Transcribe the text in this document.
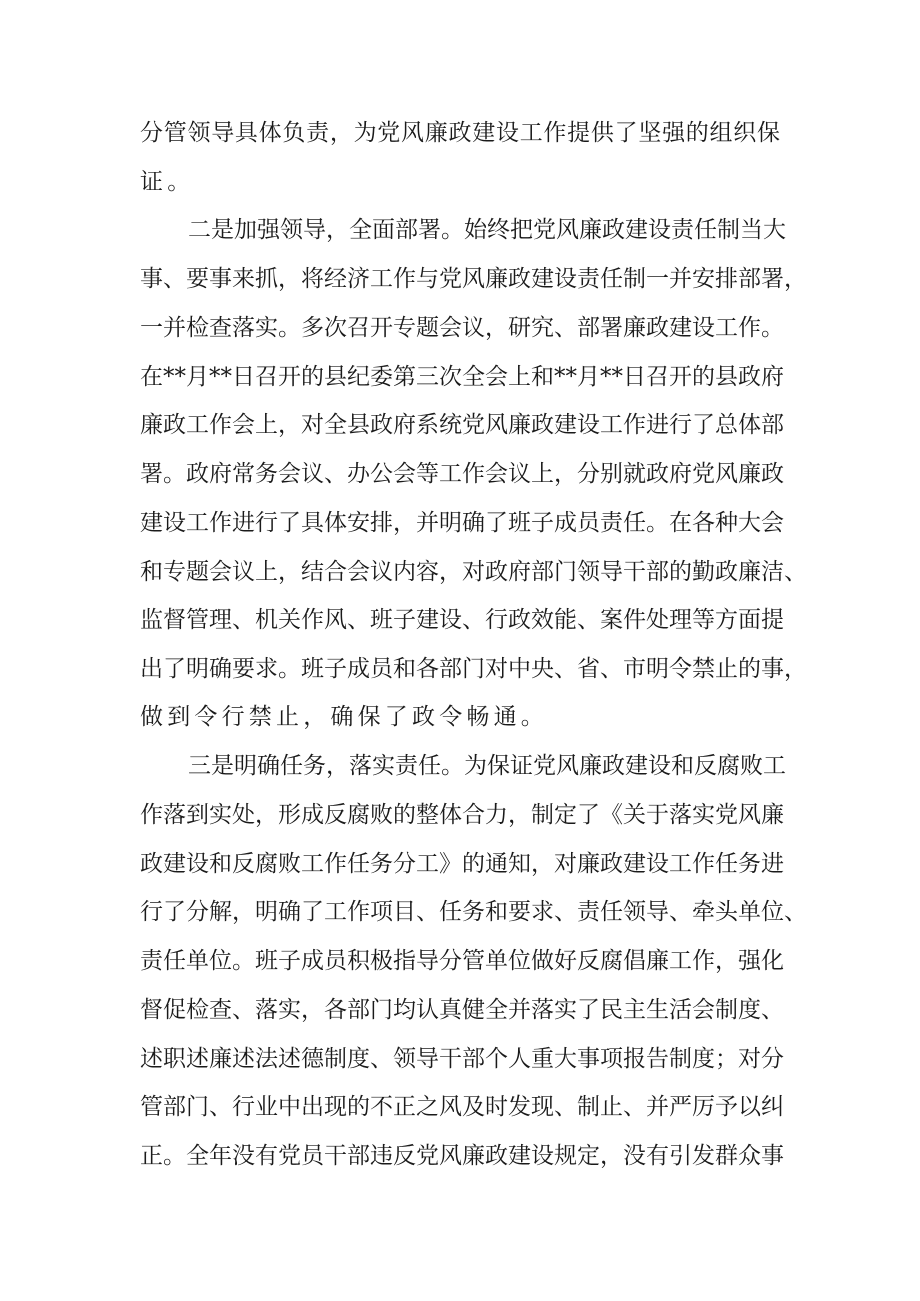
分管领导具体负责，为党风廉政建设工作提供了坚强的组织保
证。
二是加强领导，全面部署。始终把党风廉政建设责任制当大
事、要事来抓，将经济工作与党风廉政建设责任制一并安排部署，
一并检查落实。多次召开专题会议，研究、部署廉政建设工作。
在**月**日召开的县纪委第三次全会上和**月**日召开的县政府
廉政工作会上，对全县政府系统党风廉政建设工作进行了总体部
署。政府常务会议、办公会等工作会议上，分别就政府党风廉政
建设工作进行了具体安排，并明确了班子成员责任。在各种大会
和专题会议上，结合会议内容，对政府部门领导干部的勤政廉洁、
监督管理、机关作风、班子建设、行政效能、案件处理等方面提
出了明确要求。班子成员和各部门对中央、省、市明令禁止的事，
做到令行禁止，确保了政令畅通。
三是明确任务，落实责任。为保证党风廉政建设和反腐败工
作落到实处，形成反腐败的整体合力，制定了《关于落实党风廉
政建设和反腐败工作任务分工》的通知，对廉政建设工作任务进
行了分解，明确了工作项目、任务和要求、责任领导、牵头单位、
责任单位。班子成员积极指导分管单位做好反腐倡廉工作，强化
督促检查、落实，各部门均认真健全并落实了民主生活会制度、
述职述廉述法述德制度、领导干部个人重大事项报告制度；对分
管部门、行业中出现的不正之风及时发现、制止、并严厉予以纠
正。全年没有党员干部违反党风廉政建设规定，没有引发群众事
